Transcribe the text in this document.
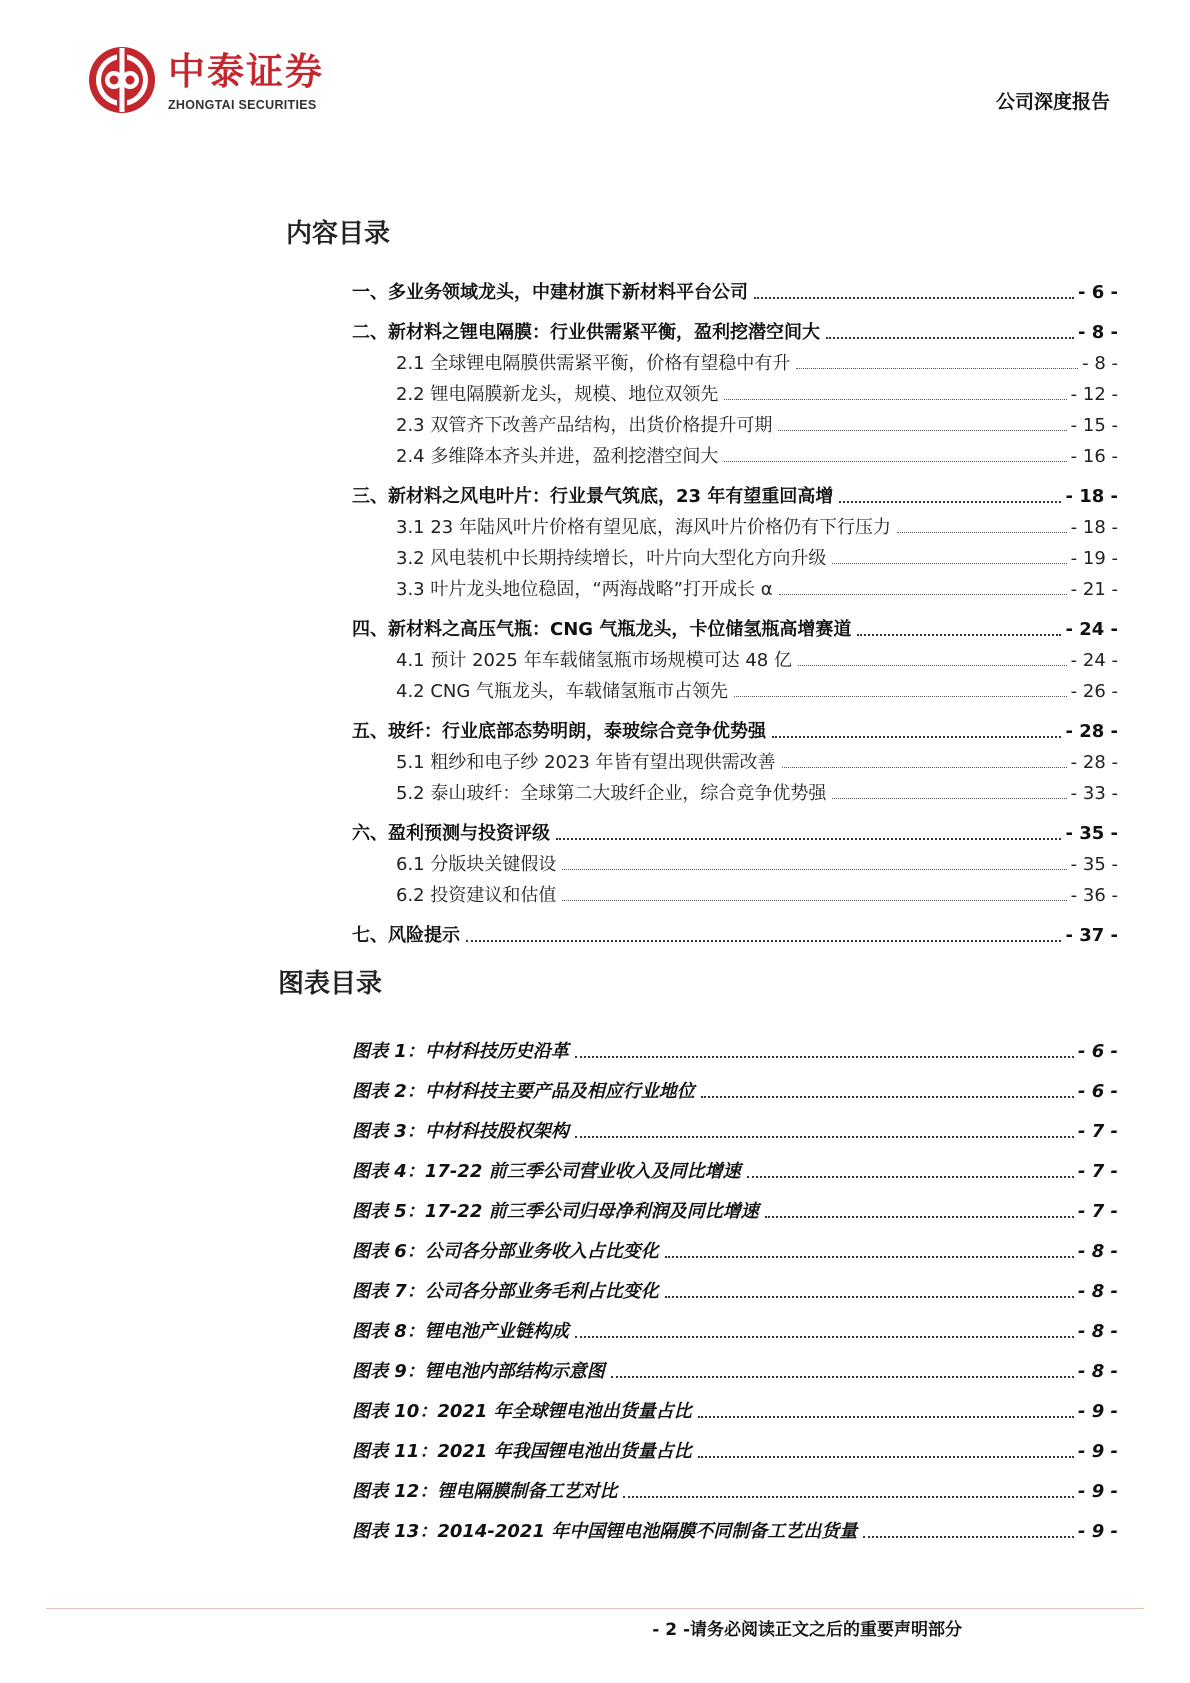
中泰证券
ZHONGTAI SECURITIES	公司深度报告
内容目录
一、多业务领域龙头，中建材旗下新材料平台公司	- 6 -
二、新材料之锂电隔膜：行业供需紧平衡，盈利挖潜空间大	- 8 -
2.1 全球锂电隔膜供需紧平衡，价格有望稳中有升	- 8 -
2.2 锂电隔膜新龙头，规模、地位双领先	- 12 -
2.3 双管齐下改善产品结构，出货价格提升可期	- 15 -
2.4 多维降本齐头并进，盈利挖潜空间大	- 16 -
三、新材料之风电叶片：行业景气筑底，23 年有望重回高增	- 18 -
3.1 23 年陆风叶片价格有望见底，海风叶片价格仍有下行压力	- 18 -
3.2 风电装机中长期持续增长，叶片向大型化方向升级	- 19 -
3.3 叶片龙头地位稳固，“两海战略”打开成长 α	- 21 -
四、新材料之高压气瓶：CNG 气瓶龙头，卡位储氢瓶高增赛道	- 24 -
4.1 预计 2025 年车载储氢瓶市场规模可达 48 亿	- 24 -
4.2 CNG 气瓶龙头，车载储氢瓶市占领先	- 26 -
五、玻纤：行业底部态势明朗，泰玻综合竞争优势强	- 28 -
5.1 粗纱和电子纱 2023 年皆有望出现供需改善	- 28 -
5.2 泰山玻纤：全球第二大玻纤企业，综合竞争优势强	- 33 -
六、盈利预测与投资评级	- 35 -
6.1 分版块关键假设	- 35 -
6.2 投资建议和估值	- 36 -
七、风险提示	- 37 -
图表目录
图表 1：中材科技历史沿革	- 6 -
图表 2：中材科技主要产品及相应行业地位	- 6 -
图表 3：中材科技股权架构	- 7 -
图表 4：17-22 前三季公司营业收入及同比增速	- 7 -
图表 5：17-22 前三季公司归母净利润及同比增速	- 7 -
图表 6：公司各分部业务收入占比变化	- 8 -
图表 7：公司各分部业务毛利占比变化	- 8 -
图表 8：锂电池产业链构成	- 8 -
图表 9：锂电池内部结构示意图	- 8 -
图表 10：2021 年全球锂电池出货量占比	- 9 -
图表 11：2021 年我国锂电池出货量占比	- 9 -
图表 12：锂电隔膜制备工艺对比	- 9 -
图表 13：2014-2021 年中国锂电池隔膜不同制备工艺出货量	- 9 -
- 2 -请务必阅读正文之后的重要声明部分
